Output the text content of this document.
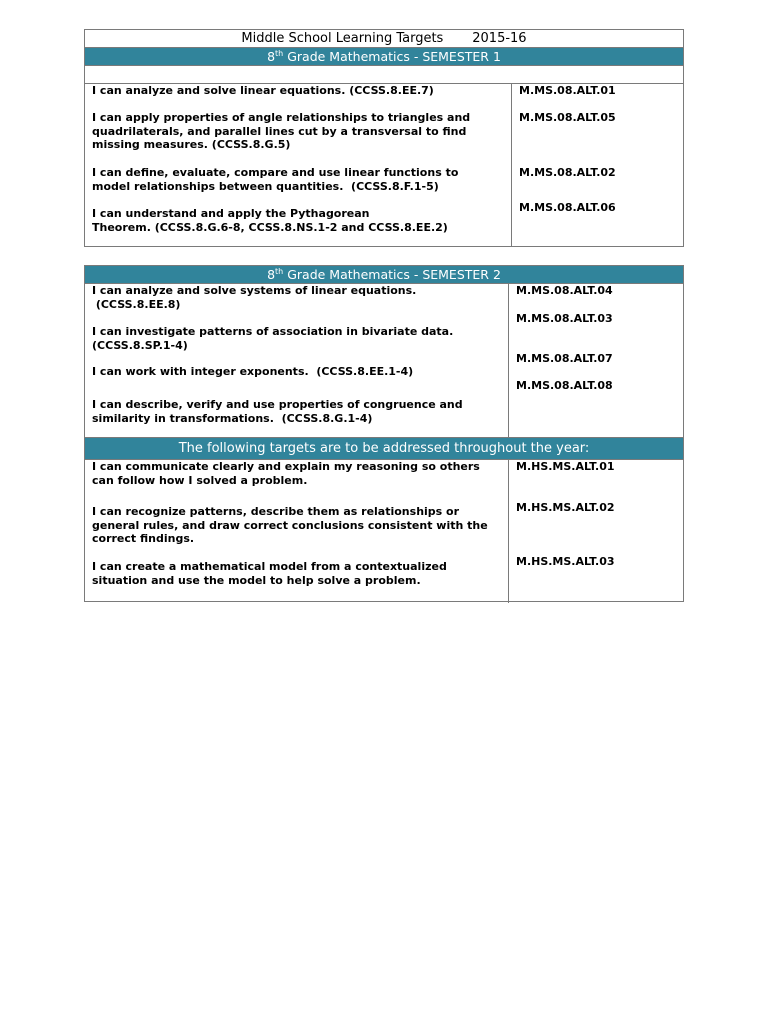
Middle School Learning Targets 2015-16
8th Grade Mathematics - SEMESTER 1
I can analyze and solve linear equations. (CCSS.8.EE.7)	M.MS.08.ALT.01
I can apply properties of angle relationships to triangles and
quadrilaterals, and parallel lines cut by a transversal to find
missing measures. (CCSS.8.G.5)
M.MS.08.ALT.05
I can define, evaluate, compare and use linear functions to
model relationships between quantities.  (CCSS.8.F.1-5)
M.MS.08.ALT.02
I can understand and apply the Pythagorean
Theorem. (CCSS.8.G.6-8, CCSS.8.NS.1-2 and CCSS.8.EE.2)
M.MS.08.ALT.06
8th Grade Mathematics - SEMESTER 2
I can analyze and solve systems of linear equations.
(CCSS.8.EE.8)
M.MS.08.ALT.04
I can investigate patterns of association in bivariate data.
(CCSS.8.SP.1-4)
M.MS.08.ALT.03
I can work with integer exponents.  (CCSS.8.EE.1-4)
M.MS.08.ALT.07
I can describe, verify and use properties of congruence and
similarity in transformations.  (CCSS.8.G.1-4)
M.MS.08.ALT.08
The following targets are to be addressed throughout the year:
I can communicate clearly and explain my reasoning so others
can follow how I solved a problem.
M.HS.MS.ALT.01
I can recognize patterns, describe them as relationships or
general rules, and draw correct conclusions consistent with the
correct findings.
M.HS.MS.ALT.02
I can create a mathematical model from a contextualized
situation and use the model to help solve a problem.
M.HS.MS.ALT.03
